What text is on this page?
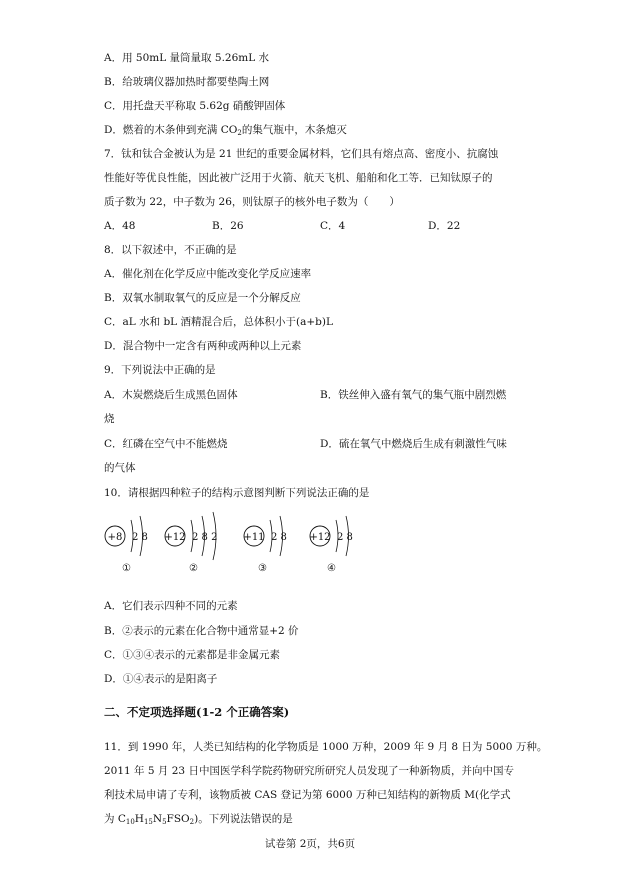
A．用 50mL 量筒量取 5.26mL 水
B．给玻璃仪器加热时都要垫陶土网
C．用托盘天平称取 5.62g 硝酸钾固体
D．燃着的木条伸到充满 $CO_2$的集气瓶中，木条熄灭
7．钛和钛合金被认为是 21 世纪的重要金属材料，它们具有熔点高、密度小、抗腐蚀
性能好等优良性能，因此被广泛用于火箭、航天飞机、船舶和化工等．已知钛原子的
质子数为 22，中子数为 26，则钛原子的核外电子数为（　　）
A．48	B．26	C．4	D．22
8．以下叙述中，不正确的是
A．催化剂在化学反应中能改变化学反应速率
B．双氧水制取氧气的反应是一个分解反应
C．aL 水和 bL 酒精混合后，总体积小于(a+b)L
D．混合物中一定含有两种或两种以上元素
9．下列说法中正确的是
A．木炭燃烧后生成黑色固体	B．铁丝伸入盛有氧气的集气瓶中剧烈燃
烧
C．红磷在空气中不能燃烧	D．硫在氧气中燃烧后生成有刺激性气味
的气体
10．请根据四种粒子的结构示意图判断下列说法正确的是
+8 2 8
①
+12 2 8 2
②
+11 2 8
③
+12 2 8
④
A．它们表示四种不同的元素
B．②表示的元素在化合物中通常显+2 价
C．①③④表示的元素都是非金属元素
D．①④表示的是阳离子
二、不定项选择题(1-2 个正确答案)
11．到 1990 年，人类已知结构的化学物质是 1000 万种，2009 年 9 月 8 日为 5000 万种。
2011 年 5 月 23 日中国医学科学院药物研究所研究人员发现了一种新物质，并向中国专
利技术局申请了专利，该物质被 CAS 登记为第 6000 万种已知结构的新物质 M(化学式
为 $C_{10}H_{15}N_5FSO_2$)。下列说法错误的是
试卷第 2页，共6页
